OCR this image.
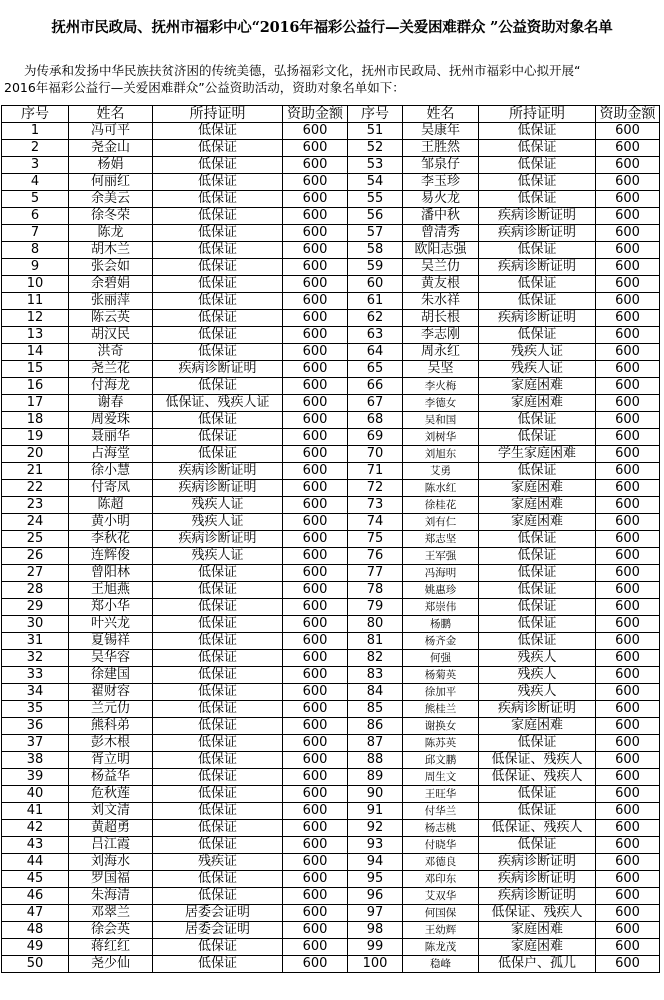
抚州市民政局、抚州市福彩中心“2016年福彩公益行—关爱困难群众 ”公益资助对象名单
为传承和发扬中华民族扶贫济困的传统美德，弘扬福彩文化，抚州市民政局、抚州市福彩中心拟开展“
2016年福彩公益行—关爱困难群众”公益资助活动，资助对象名单如下：
序号	姓名	所持证明	资助金额	序号	姓名	所持证明	资助金额
1	冯可平	低保证	600	51	吴康年	低保证	600
2	尧金山	低保证	600	52	王胜然	低保证	600
3	杨娟	低保证	600	53	邹泉仔	低保证	600
4	何丽红	低保证	600	54	李玉珍	低保证	600
5	余美云	低保证	600	55	易火龙	低保证	600
6	徐冬荣	低保证	600	56	潘中秋	疾病诊断证明	600
7	陈龙	低保证	600	57	曾清秀	疾病诊断证明	600
8	胡木兰	低保证	600	58	欧阳志强	低保证	600
9	张会如	低保证	600	59	吴兰仂	疾病诊断证明	600
10	余碧娟	低保证	600	60	黄友根	低保证	600
11	张丽萍	低保证	600	61	朱水祥	低保证	600
12	陈云英	低保证	600	62	胡长根	疾病诊断证明	600
13	胡汉民	低保证	600	63	李志刚	低保证	600
14	洪奇	低保证	600	64	周永红	残疾人证	600
15	尧兰花	疾病诊断证明	600	65	吴坚	残疾人证	600
16	付海龙	低保证	600	66	李火梅	家庭困难	600
17	谢春	低保证、残疾人证	600	67	李德女	家庭困难	600
18	周爱珠	低保证	600	68	吴和国	低保证	600
19	聂丽华	低保证	600	69	刘树华	低保证	600
20	占海堂	低保证	600	70	刘旭东	学生家庭困难	600
21	徐小慧	疾病诊断证明	600	71	艾勇	低保证	600
22	付寄凤	疾病诊断证明	600	72	陈水红	家庭困难	600
23	陈超	残疾人证	600	73	徐桂花	家庭困难	600
24	黄小明	残疾人证	600	74	刘有仁	家庭困难	600
25	李秋花	疾病诊断证明	600	75	郑志坚	低保证	600
26	连辉俊	残疾人证	600	76	王军强	低保证	600
27	曾阳林	低保证	600	77	冯海明	低保证	600
28	王旭燕	低保证	600	78	姚惠珍	低保证	600
29	郑小华	低保证	600	79	郑崇伟	低保证	600
30	叶兴龙	低保证	600	80	杨鹏	低保证	600
31	夏锡祥	低保证	600	81	杨齐金	低保证	600
32	吴华容	低保证	600	82	何强	残疾人	600
33	徐建国	低保证	600	83	杨菊英	残疾人	600
34	翟财容	低保证	600	84	徐加平	残疾人	600
35	兰元仂	低保证	600	85	熊桂兰	疾病诊断证明	600
36	熊科弟	低保证	600	86	谢换女	家庭困难	600
37	彭木根	低保证	600	87	陈苏英	低保证	600
38	胥立明	低保证	600	88	邱文鹏	低保证、残疾人	600
39	杨益华	低保证	600	89	周生文	低保证、残疾人	600
40	危秋莲	低保证	600	90	王旺华	低保证	600
41	刘文清	低保证	600	91	付华兰	低保证	600
42	黄超勇	低保证	600	92	杨志桃	低保证、残疾人	600
43	吕江霞	低保证	600	93	付晓华	低保证	600
44	刘海水	残疾证	600	94	邓德良	疾病诊断证明	600
45	罗国福	低保证	600	95	邓印东	疾病诊断证明	600
46	朱海清	低保证	600	96	艾双华	疾病诊断证明	600
47	邓翠兰	居委会证明	600	97	何国保	低保证、残疾人	600
48	徐会英	居委会证明	600	98	王幼辉	家庭困难	600
49	蒋红红	低保证	600	99	陈龙茂	家庭困难	600
50	尧少仙	低保证	600	100	稳峰	低保户、孤儿	600
